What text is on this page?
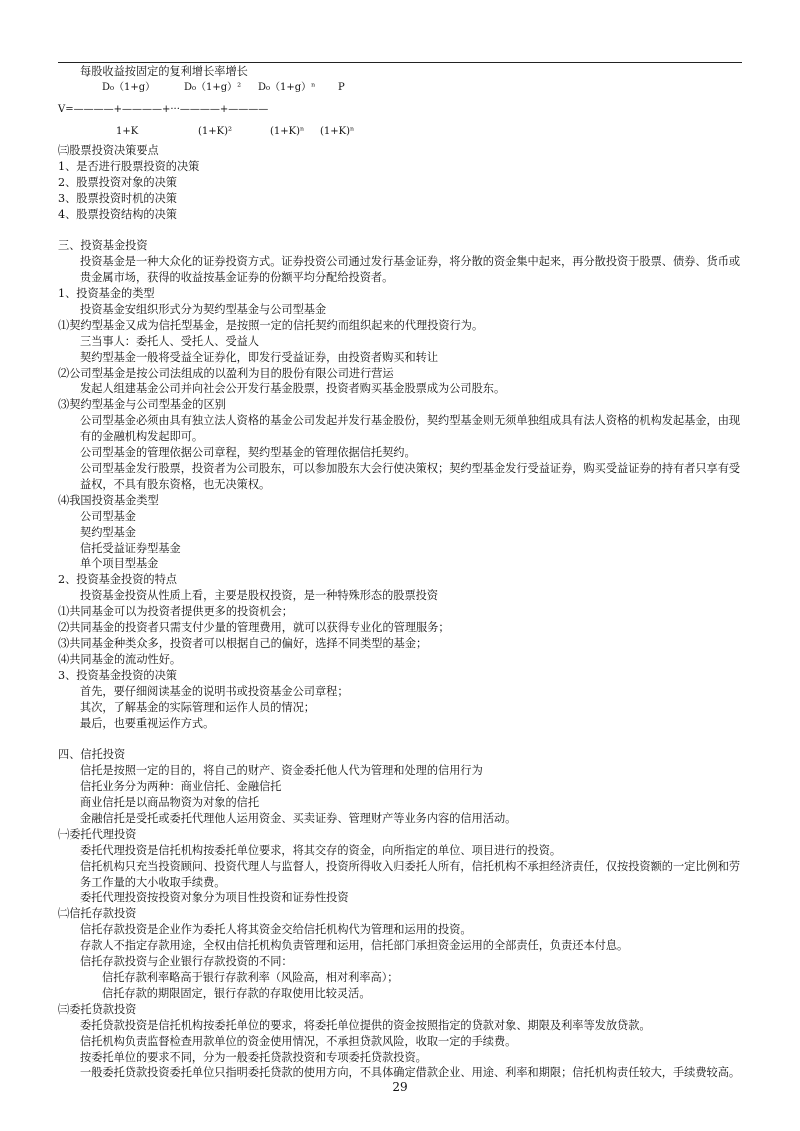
每股收益按固定的复利增长率增长

D₀（1+g）	D₀（1+g）² D₀（1+g）ⁿ P
V=————+————+···————+————
1+K	(1+K)²	(1+K)ⁿ (1+K)ⁿ

㈢股票投资决策要点

1、是否进行股票投资的决策

2、股票投资对象的决策

3、股票投资时机的决策

4、股票投资结构的决策

三、投资基金投资

投资基金是一种大众化的证券投资方式。证券投资公司通过发行基金证券，将分散的资金集中起来，再分散投资于股票、债券、货币或贵金属市场，获得的收益按基金证券的份额平均分配给投资者。

1、投资基金的类型

投资基金安组织形式分为契约型基金与公司型基金

⑴契约型基金又成为信托型基金，是按照一定的信托契约而组织起来的代理投资行为。

三当事人：委托人、受托人、受益人

契约型基金一般将受益全证券化，即发行受益证券，由投资者购买和转让

⑵公司型基金是按公司法组成的以盈利为目的股份有限公司进行营运

发起人组建基金公司并向社会公开发行基金股票，投资者购买基金股票成为公司股东。

⑶契约型基金与公司型基金的区别

公司型基金必须由具有独立法人资格的基金公司发起并发行基金股份，契约型基金则无须单独组成具有法人资格的机构发起基金，由现有的金融机构发起即可。

公司型基金的管理依据公司章程，契约型基金的管理依据信托契约。

公司型基金发行股票，投资者为公司股东，可以参加股东大会行使决策权；契约型基金发行受益证券，购买受益证券的持有者只享有受益权，不具有股东资格，也无决策权。

⑷我国投资基金类型

公司型基金

契约型基金

信托受益证券型基金

单个项目型基金

2、投资基金投资的特点

投资基金投资从性质上看，主要是股权投资，是一种特殊形态的股票投资

⑴共同基金可以为投资者提供更多的投资机会；

⑵共同基金的投资者只需支付少量的管理费用，就可以获得专业化的管理服务；

⑶共同基金种类众多，投资者可以根据自己的偏好，选择不同类型的基金；

⑷共同基金的流动性好。

3、投资基金投资的决策

首先，要仔细阅读基金的说明书或投资基金公司章程；

其次，了解基金的实际管理和运作人员的情况；

最后，也要重视运作方式。

四、信托投资

信托是按照一定的目的，将自己的财产、资金委托他人代为管理和处理的信用行为

信托业务分为两种：商业信托、金融信托

商业信托是以商品物资为对象的信托

金融信托是受托或委托代理他人运用资金、买卖证券、管理财产等业务内容的信用活动。

㈠委托代理投资

委托代理投资是信托机构按委托单位要求，将其交存的资金，向所指定的单位、项目进行的投资。

信托机构只充当投资顾问、投资代理人与监督人，投资所得收入归委托人所有，信托机构不承担经济责任，仅按投资额的一定比例和劳务工作量的大小收取手续费。

委托代理投资按投资对象分为项目性投资和证券性投资

㈡信托存款投资

信托存款投资是企业作为委托人将其资金交给信托机构代为管理和运用的投资。

存款人不指定存款用途，全权由信托机构负责管理和运用，信托部门承担资金运用的全部责任，负责还本付息。

信托存款投资与企业银行存款投资的不同：

信托存款利率略高于银行存款利率（风险高，相对利率高）；

信托存款的期限固定，银行存款的存取使用比较灵活。

㈢委托贷款投资

委托贷款投资是信托机构按委托单位的要求，将委托单位提供的资金按照指定的贷款对象、期限及利率等发放贷款。

信托机构负责监督检查用款单位的资金使用情况，不承担贷款风险，收取一定的手续费。

按委托单位的要求不同，分为一般委托贷款投资和专项委托贷款投资。

一般委托贷款投资委托单位只指明委托贷款的使用方向，不具体确定借款企业、用途、利率和期限；信托机构责任较大，手续费较高。

29
